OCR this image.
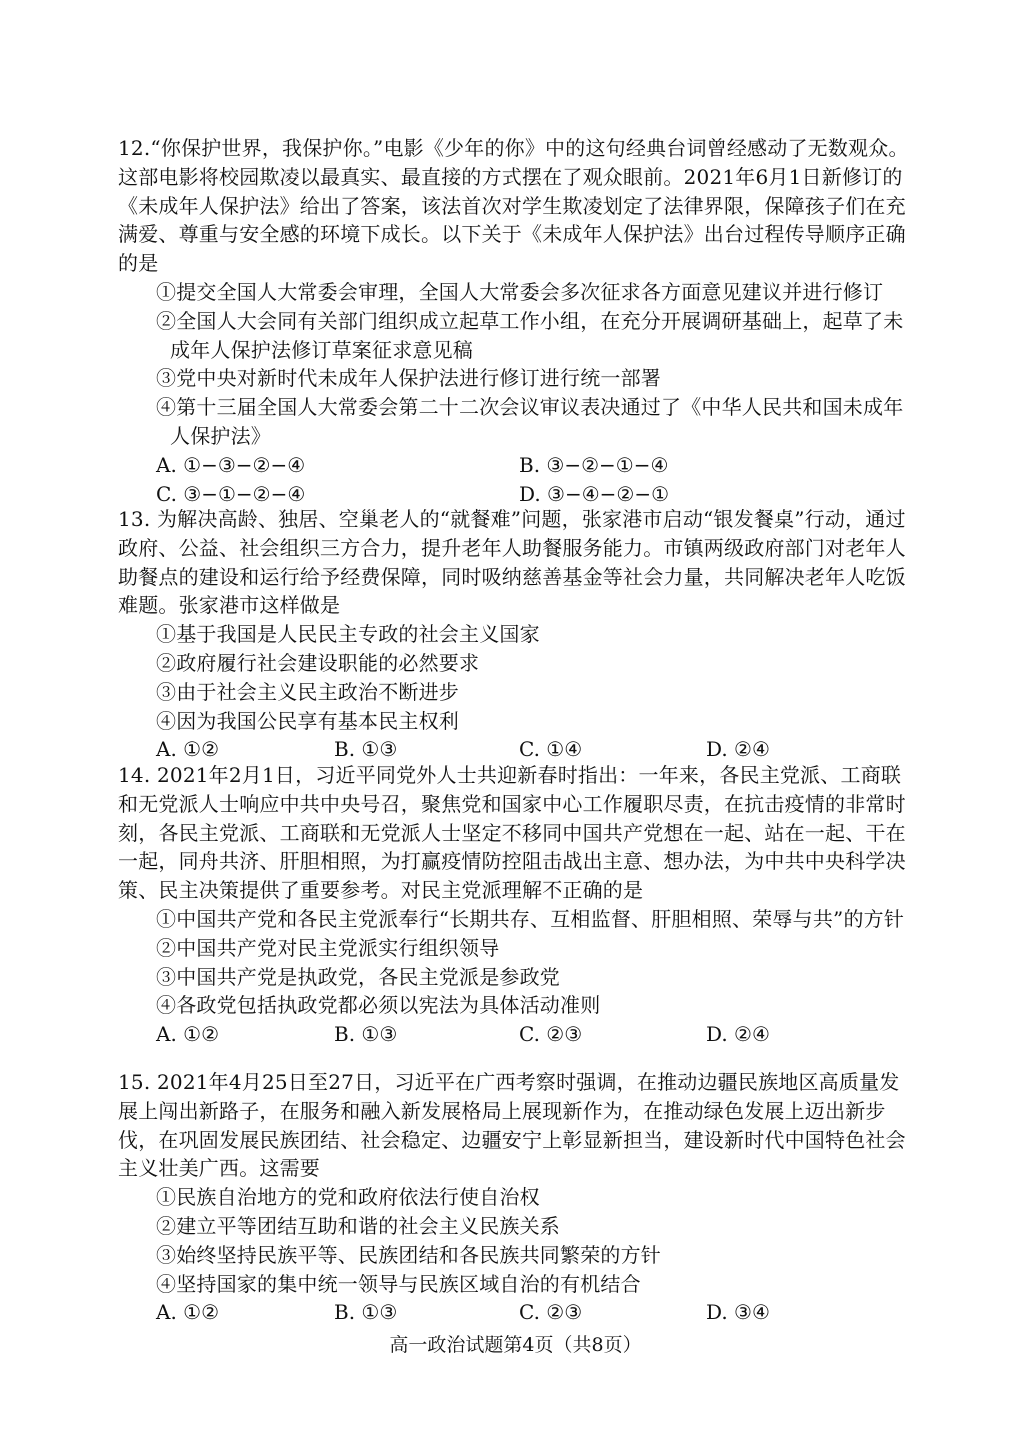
12.“你保护世界，我保护你。”电影《少年的你》中的这句经典台词曾经感动了无数观众。这部电影将校园欺凌以最真实、最直接的方式摆在了观众眼前。2021年6月1日新修订的《未成年人保护法》给出了答案，该法首次对学生欺凌划定了法律界限，保障孩子们在充满爱、尊重与安全感的环境下成长。以下关于《未成年人保护法》出台过程传导顺序正确的是
①提交全国人大常委会审理，全国人大常委会多次征求各方面意见建议并进行修订
②全国人大会同有关部门组织成立起草工作小组，在充分开展调研基础上，起草了未成年人保护法修订草案征求意见稿
③党中央对新时代未成年人保护法进行修订进行统一部署
④第十三届全国人大常委会第二十二次会议审议表决通过了《中华人民共和国未成年人保护法》
A. ①−③−②−④	B. ③−②−①−④
C. ③−①−②−④	D. ③−④−②−①
13. 为解决高龄、独居、空巢老人的“就餐难”问题，张家港市启动“银发餐桌”行动，通过政府、公益、社会组织三方合力，提升老年人助餐服务能力。市镇两级政府部门对老年人助餐点的建设和运行给予经费保障，同时吸纳慈善基金等社会力量，共同解决老年人吃饭难题。张家港市这样做是
①基于我国是人民民主专政的社会主义国家
②政府履行社会建设职能的必然要求
③由于社会主义民主政治不断进步
④因为我国公民享有基本民主权利
A. ①②	B. ①③	C. ①④	D. ②④
14. 2021年2月1日，习近平同党外人士共迎新春时指出：一年来，各民主党派、工商联和无党派人士响应中共中央号召，聚焦党和国家中心工作履职尽责，在抗击疫情的非常时刻，各民主党派、工商联和无党派人士坚定不移同中国共产党想在一起、站在一起、干在一起，同舟共济、肝胆相照，为打赢疫情防控阻击战出主意、想办法，为中共中央科学决策、民主决策提供了重要参考。对民主党派理解不正确的是
①中国共产党和各民主党派奉行“长期共存、互相监督、肝胆相照、荣辱与共”的方针
②中国共产党对民主党派实行组织领导
③中国共产党是执政党，各民主党派是参政党
④各政党包括执政党都必须以宪法为具体活动准则
A. ①②	B. ①③	C. ②③	D. ②④
15. 2021年4月25日至27日，习近平在广西考察时强调，在推动边疆民族地区高质量发展上闯出新路子，在服务和融入新发展格局上展现新作为，在推动绿色发展上迈出新步伐，在巩固发展民族团结、社会稳定、边疆安宁上彰显新担当，建设新时代中国特色社会主义壮美广西。这需要
①民族自治地方的党和政府依法行使自治权
②建立平等团结互助和谐的社会主义民族关系
③始终坚持民族平等、民族团结和各民族共同繁荣的方针
④坚持国家的集中统一领导与民族区域自治的有机结合
A. ①②	B. ①③	C. ②③	D. ③④
高一政治试题第4页（共8页）
